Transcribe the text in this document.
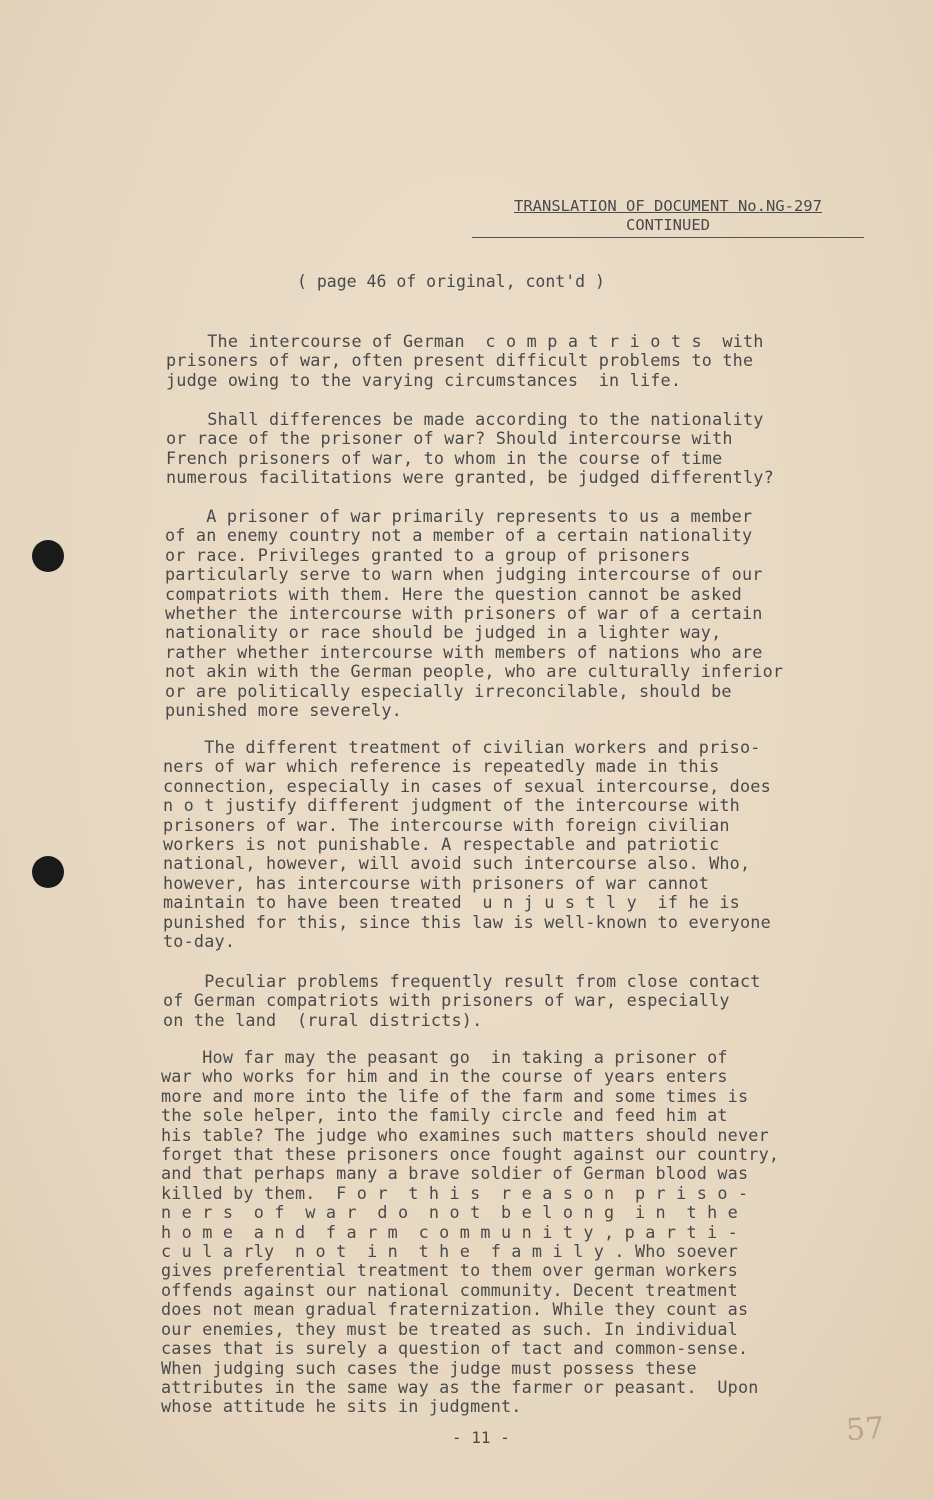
TRANSLATION OF DOCUMENT No.NG-297
CONTINUED
( page 46 of original, cont'd )
The intercourse of German  c o m p a t r i o t s  with
prisoners of war, often present difficult problems to the
judge owing to the varying circumstances  in life.
Shall differences be made according to the nationality
or race of the prisoner of war? Should intercourse with
French prisoners of war, to whom in the course of time
numerous facilitations were granted, be judged differently?
A prisoner of war primarily represents to us a member
of an enemy country not a member of a certain nationality
or race. Privileges granted to a group of prisoners
particularly serve to warn when judging intercourse of our
compatriots with them. Here the question cannot be asked
whether the intercourse with prisoners of war of a certain
nationality or race should be judged in a lighter way,
rather whether intercourse with members of nations who are
not akin with the German people, who are culturally inferior
or are politically especially irreconcilable, should be
punished more severely.
The different treatment of civilian workers and priso-
ners of war which reference is repeatedly made in this
connection, especially in cases of sexual intercourse, does
n o t justify different judgment of the intercourse with
prisoners of war. The intercourse with foreign civilian
workers is not punishable. A respectable and patriotic
national, however, will avoid such intercourse also. Who,
however, has intercourse with prisoners of war cannot
maintain to have been treated  u n j u s t l y  if he is
punished for this, since this law is well-known to everyone
to-day.
Peculiar problems frequently result from close contact
of German compatriots with prisoners of war, especially
on the land  (rural districts).
How far may the peasant go  in taking a prisoner of
war who works for him and in the course of years enters
more and more into the life of the farm and some times is
the sole helper, into the family circle and feed him at
his table? The judge who examines such matters should never
forget that these prisoners once fought against our country,
and that perhaps many a brave soldier of German blood was
killed by them.  F o r  t h i s  r e a s o n  p r i s o -
n e r s  o f  w a r  d o  n o t  b e l o n g  i n  t h e
h o m e  a n d  f a r m  c o m m u n i t y , p a r t i -
c u l a rly  n o t  i n  t h e  f a m i l y . Who soever
gives preferential treatment to them over german workers
offends against our national community. Decent treatment
does not mean gradual fraternization. While they count as
our enemies, they must be treated as such. In individual
cases that is surely a question of tact and common-sense.
When judging such cases the judge must possess these
attributes in the same way as the farmer or peasant.  Upon
whose attitude he sits in judgment.
- 11 -	57
